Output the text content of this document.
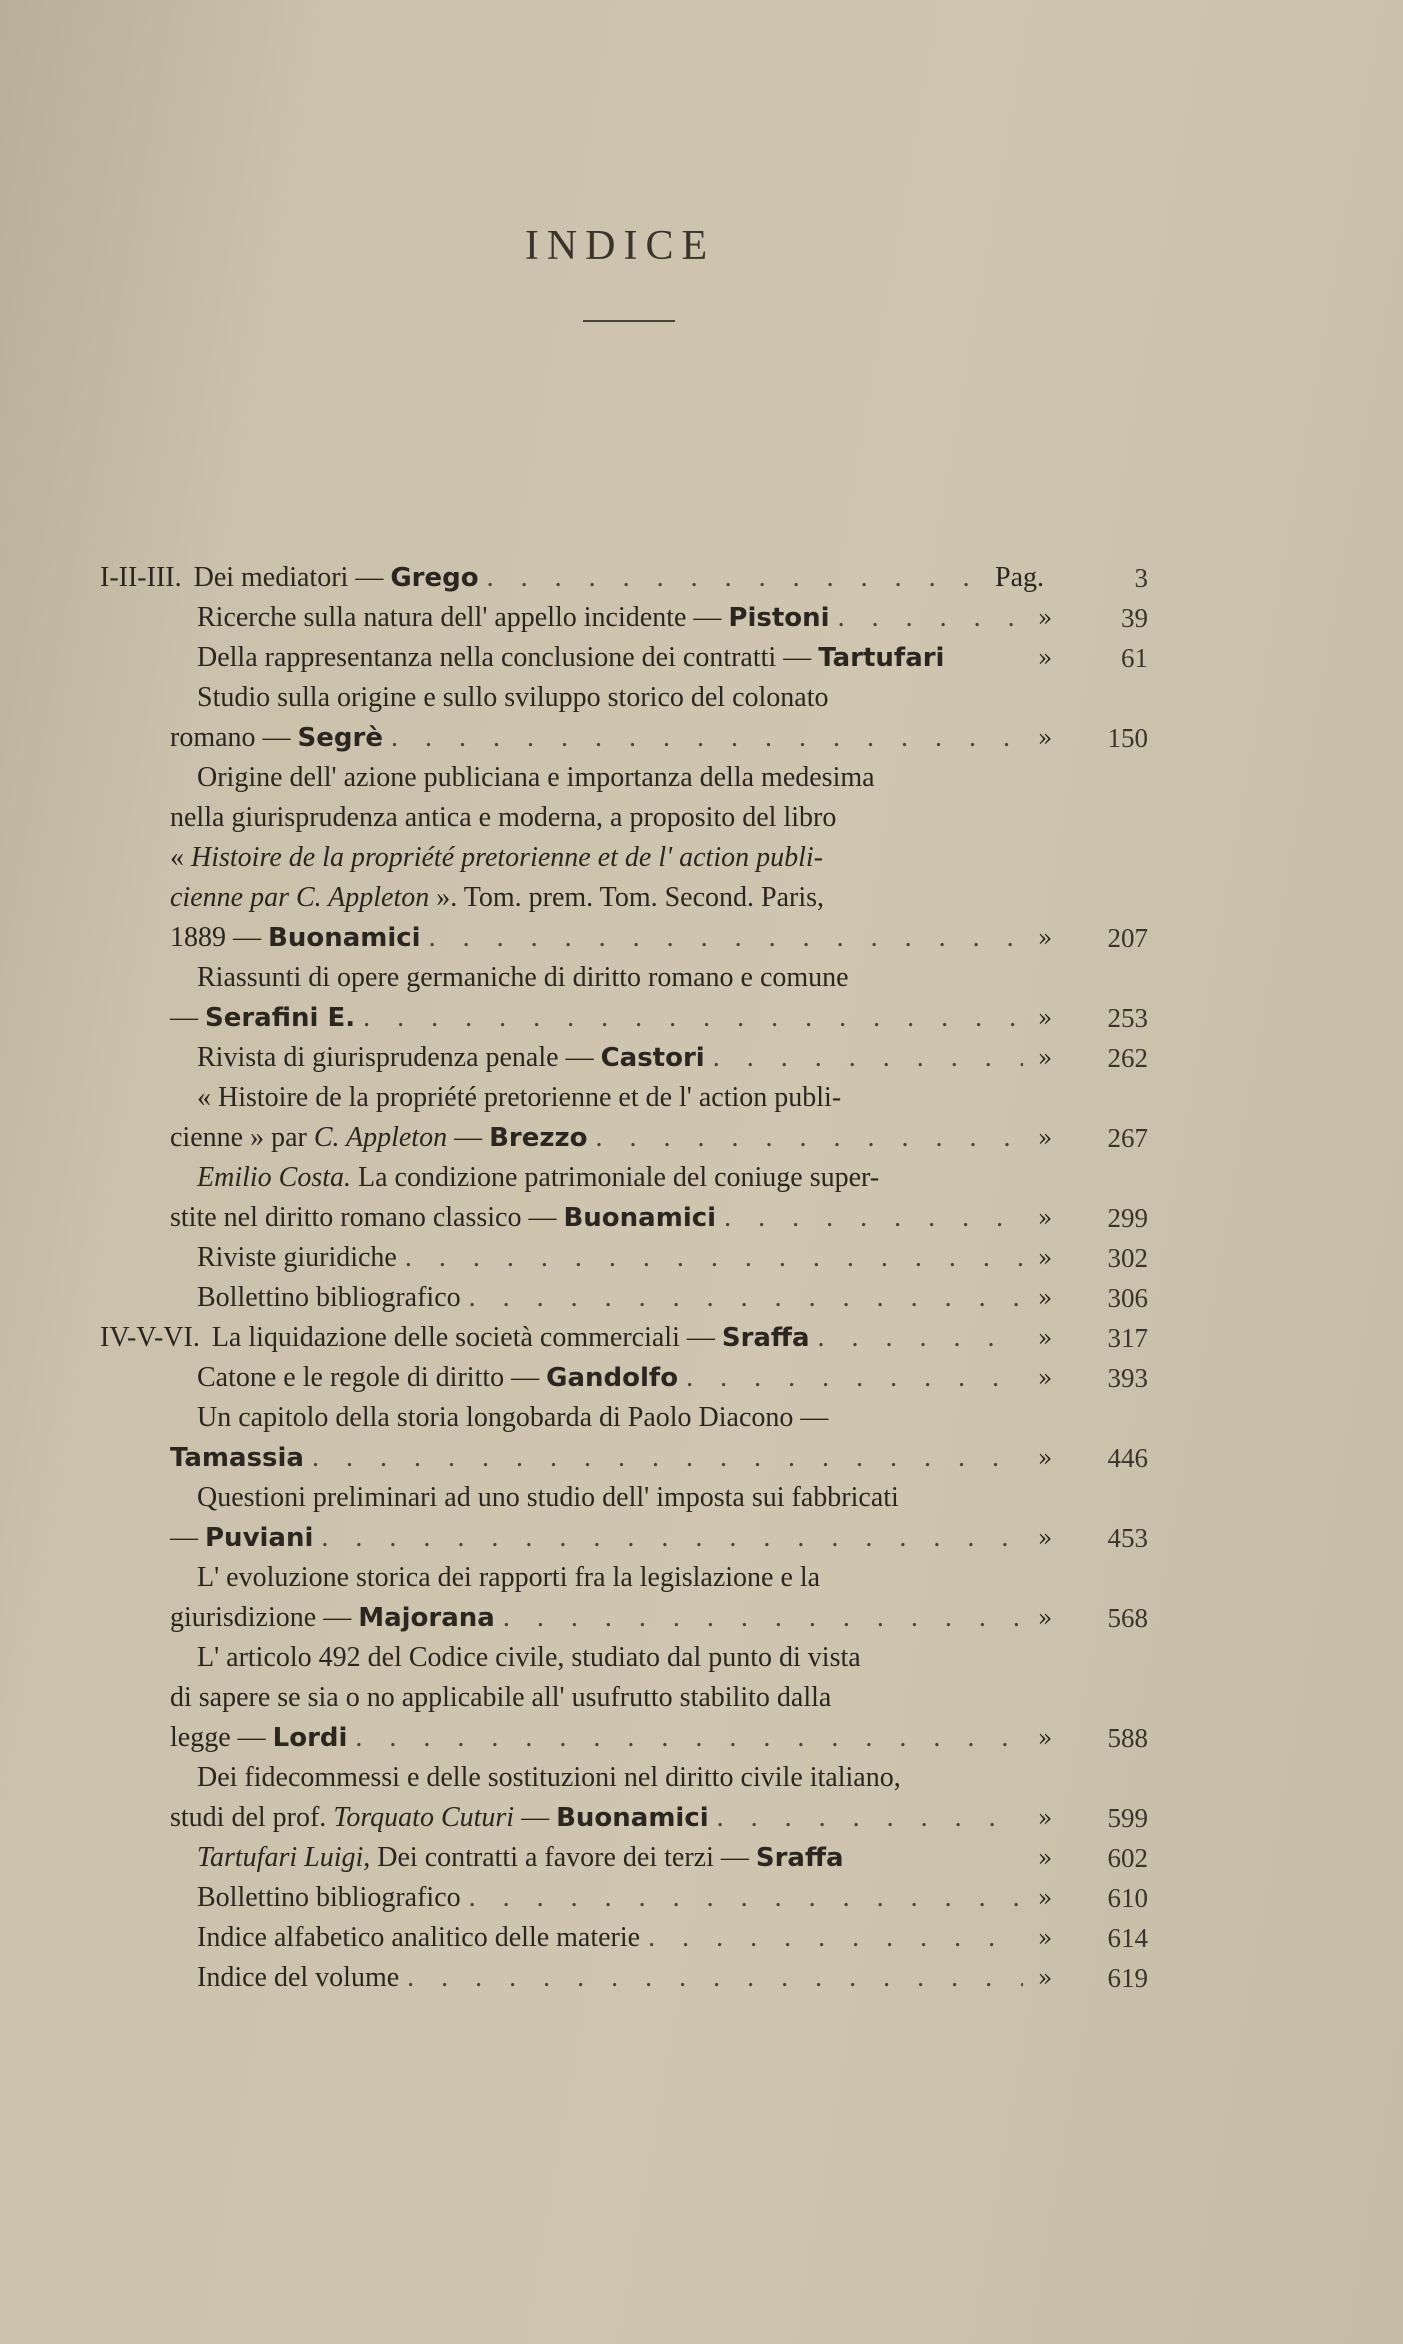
INDICE
I-II-III. Dei mediatori — Grego . . .	Pag.	3
Ricerche sulla natura dell' appello incidente — Pistoni . . .	»	39
Della rappresentanza nella conclusione dei contratti — Tartufari	»	61
Studio sulla origine e sullo sviluppo storico del colonato
romano — Segrè . . .	»	150
Origine dell' azione publiciana e importanza della medesima
nella giurisprudenza antica e moderna, a proposito del libro
« Histoire de la propriété pretorienne et de l' action publi-
cienne par C. Appleton ». Tom. prem. Tom. Second. Paris,
1889 — Buonamici . . .	»	207
Riassunti di opere germaniche di diritto romano e comune
— Serafini E. . . .	»	253
Rivista di giurisprudenza penale — Castori . . .	»	262
« Histoire de la propriété pretorienne et de l' action publi-
cienne » par C. Appleton — Brezzo . . .	»	267
Emilio Costa. La condizione patrimoniale del coniuge super-
stite nel diritto romano classico — Buonamici . . .	»	299
Riviste giuridiche . . .	»	302
Bollettino bibliografico . . .	»	306
IV-V-VI. La liquidazione delle società commerciali — Sraffa . . .	»	317
Catone e le regole di diritto — Gandolfo . . .	»	393
Un capitolo della storia longobarda di Paolo Diacono —
Tamassia . . .	»	446
Questioni preliminari ad uno studio dell' imposta sui fabbricati
— Puviani . . .	»	453
L' evoluzione storica dei rapporti fra la legislazione e la
giurisdizione — Majorana . . .	»	568
L' articolo 492 del Codice civile, studiato dal punto di vista
di sapere se sia o no applicabile all' usufrutto stabilito dalla
legge — Lordi . . .	»	588
Dei fidecommessi e delle sostituzioni nel diritto civile italiano,
studi del prof. Torquato Cuturi — Buonamici . . .	»	599
Tartufari Luigi, Dei contratti a favore dei terzi — Sraffa	»	602
Bollettino bibliografico . . .	»	610
Indice alfabetico analitico delle materie . . .	»	614
Indice del volume . . .	»	619
